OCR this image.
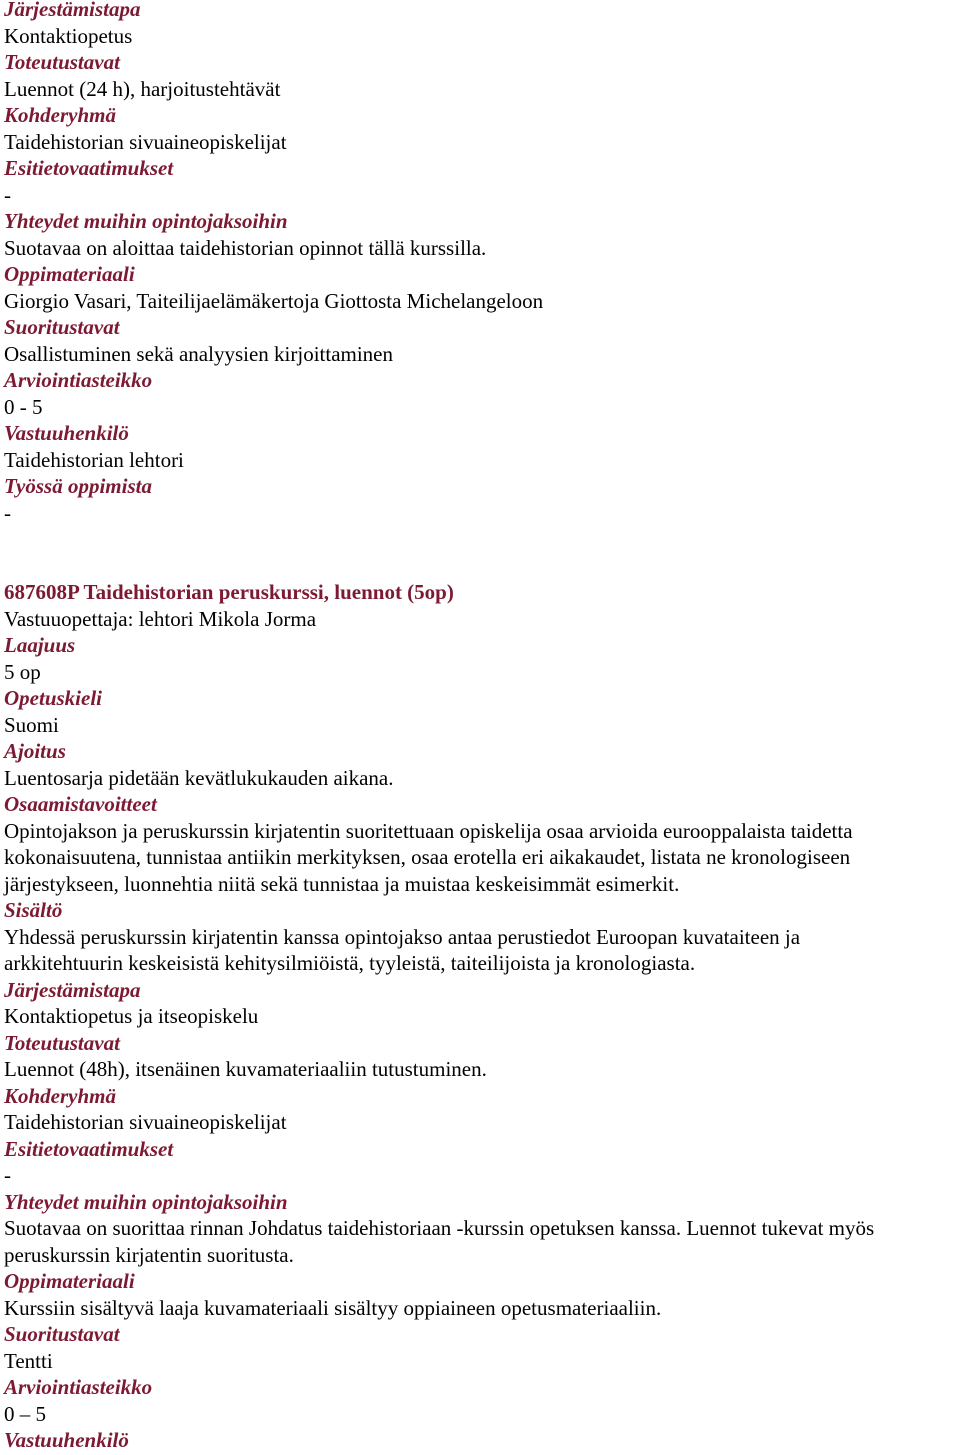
Järjestämistapa
Kontaktiopetus
Toteutustavat
Luennot (24 h), harjoitustehtävät
Kohderyhmä
Taidehistorian sivuaineopiskelijat
Esitietovaatimukset
-
Yhteydet muihin opintojaksoihin
Suotavaa on aloittaa taidehistorian opinnot tällä kurssilla.
Oppimateriaali
Giorgio Vasari, Taiteilijaelämäkertoja Giottosta Michelangeloon
Suoritustavat
Osallistuminen sekä analyysien kirjoittaminen
Arviointiasteikko
0 - 5
Vastuuhenkilö
Taidehistorian lehtori
Työssä oppimista
-
687608P Taidehistorian peruskurssi, luennot (5op)
Vastuuopettaja: lehtori Mikola Jorma
Laajuus
5 op
Opetuskieli
Suomi
Ajoitus
Luentosarja pidetään kevätlukukauden aikana.
Osaamistavoitteet
Opintojakson ja peruskurssin kirjatentin suoritettuaan opiskelija osaa arvioida eurooppalaista taidetta
kokonaisuutena, tunnistaa antiikin merkityksen, osaa erotella eri aikakaudet, listata ne kronologiseen
järjestykseen, luonnehtia niitä sekä tunnistaa ja muistaa keskeisimmät esimerkit.
Sisältö
Yhdessä peruskurssin kirjatentin kanssa opintojakso antaa perustiedot Euroopan kuvataiteen ja
arkkitehtuurin keskeisistä kehitysilmiöistä, tyyleistä, taiteilijoista ja kronologiasta.
Järjestämistapa
Kontaktiopetus ja itseopiskelu
Toteutustavat
Luennot (48h), itsenäinen kuvamateriaaliin tutustuminen.
Kohderyhmä
Taidehistorian sivuaineopiskelijat
Esitietovaatimukset
-
Yhteydet muihin opintojaksoihin
Suotavaa on suorittaa rinnan Johdatus taidehistoriaan -kurssin opetuksen kanssa. Luennot tukevat myös
peruskurssin kirjatentin suoritusta.
Oppimateriaali
Kurssiin sisältyvä laaja kuvamateriaali sisältyy oppiaineen opetusmateriaaliin.
Suoritustavat
Tentti
Arviointiasteikko
0 – 5
Vastuuhenkilö
